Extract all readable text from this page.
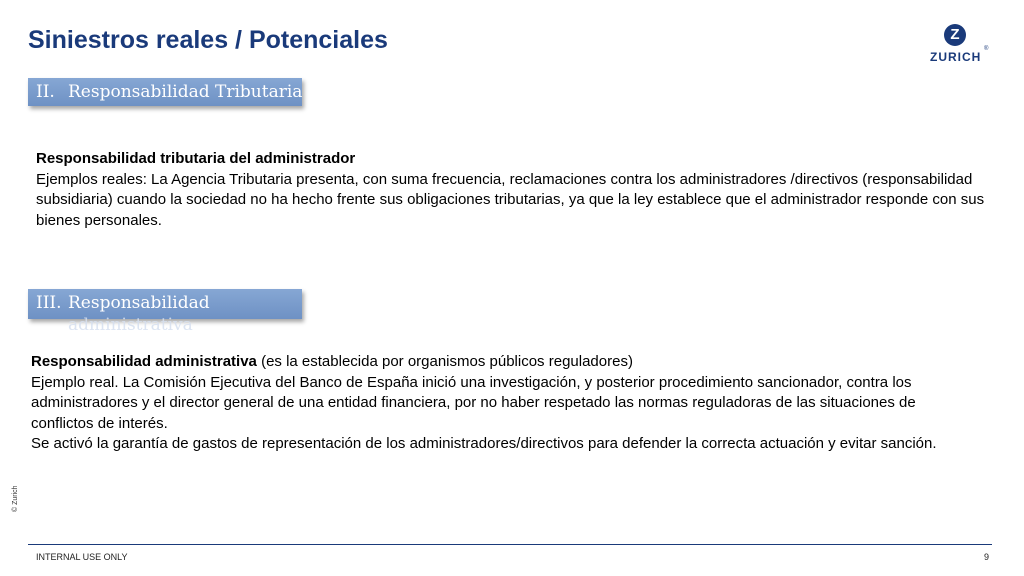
Siniestros reales / Potenciales	Z
ZURICH
®
II. Responsabilidad Tributaria

Responsabilidad tributaria del administrador

Ejemplos reales: La Agencia Tributaria presenta, con suma frecuencia, reclamaciones contra los administradores /directivos (responsabilidad subsidiaria) cuando la sociedad no ha hecho frente sus obligaciones tributarias, ya que la ley establece que el administrador responde con sus bienes personales.

III. Responsabilidad
administrativa

Responsabilidad administrativa (es la establecida por organismos públicos reguladores)

Ejemplo real. La Comisión Ejecutiva del Banco de España inició una investigación, y posterior procedimiento sancionador, contra los administradores y el director general de una entidad financiera, por no haber respetado las normas reguladoras de las situaciones de conflictos de interés.

Se activó la garantía de gastos de representación de los administradores/directivos para defender la correcta actuación y evitar sanción.

© Zurich
INTERNAL USE ONLY	9
